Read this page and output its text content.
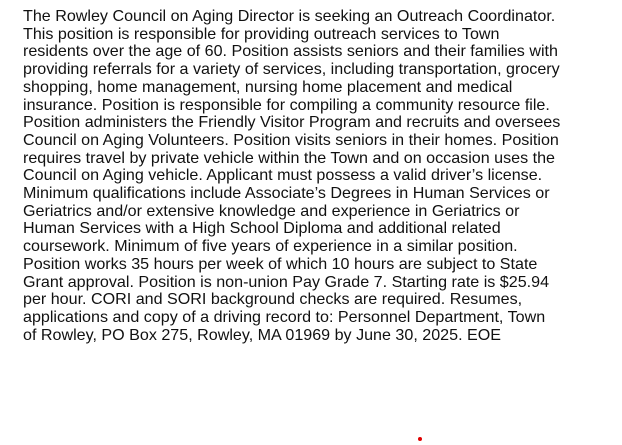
The Rowley Council on Aging Director is seeking an Outreach Coordinator.

This position is responsible for providing outreach services to Town

residents over the age of 60. Position assists seniors and their families with

providing referrals for a variety of services, including transportation, grocery

shopping, home management, nursing home placement and medical

insurance. Position is responsible for compiling a community resource file.

Position administers the Friendly Visitor Program and recruits and oversees

Council on Aging Volunteers. Position visits seniors in their homes. Position

requires travel by private vehicle within the Town and on occasion uses the

Council on Aging vehicle. Applicant must possess a valid driver’s license.

Minimum qualifications include Associate’s Degrees in Human Services or

Geriatrics and/or extensive knowledge and experience in Geriatrics or

Human Services with a High School Diploma and additional related

coursework. Minimum of five years of experience in a similar position.

Position works 35 hours per week of which 10 hours are subject to State

Grant approval. Position is non-union Pay Grade 7. Starting rate is $25.94

per hour. CORI and SORI background checks are required. Resumes,

applications and copy of a driving record to: Personnel Department, Town

of Rowley, PO Box 275, Rowley, MA 01969 by June 30, 2025. EOE
